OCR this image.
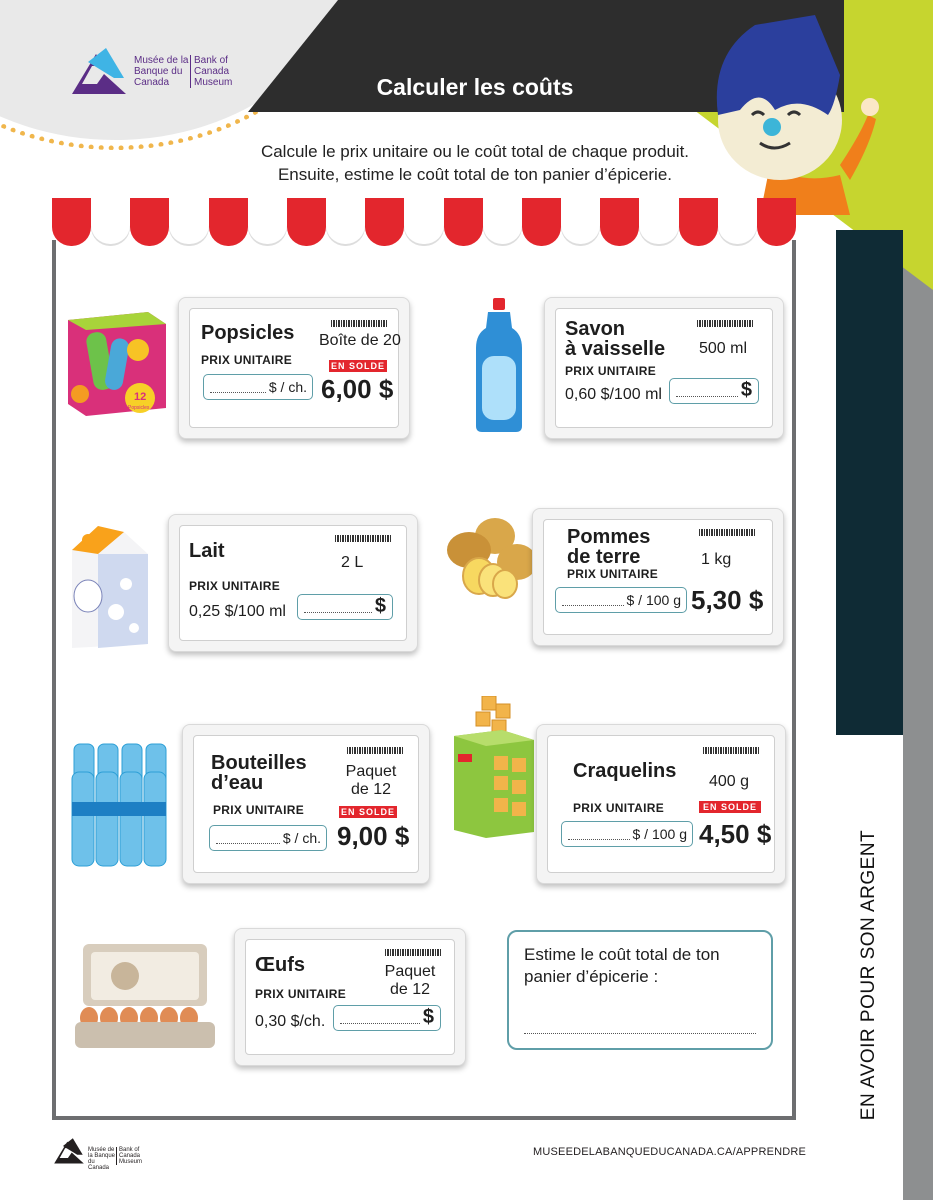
EN AVOIR POUR SON ARGENT
Calculer les coûts
Musée de la Banque du Canada
Bank of Canada Museum
Calcule le prix unitaire ou le coût total de chaque produit.
Ensuite, estime le coût total de ton panier d’épicerie.
12
Popsicles
Popsicles Boîte de 20
PRIX UNITAIRE	EN SOLDE
$ / ch. 6,00 $
Savon
à vaisselle 500 ml
PRIX UNITAIRE
0,60 $/100 ml	$
Lait
2 L
PRIX UNITAIRE
0,25 $/100 ml	$
Pommes
de terre	1 kg
PRIX UNITAIRE
$ / 100 g 5,30 $
Bouteilles
d’eau
Paquet
de 12
PRIX UNITAIRE	EN SOLDE
$ / ch. 9,00 $
Craquelins 400 g
PRIX UNITAIRE	EN SOLDE
$ / 100 g 4,50 $
Œufs	Paquet
de 12
PRIX UNITAIRE
0,30 $/ch.	$
Estime le coût total de ton panier d’épicerie :
Musée de la Banque du Canada
Bank of Canada Museum
MUSEEDELABANQUEDUCANADA.CA/APPRENDRE
